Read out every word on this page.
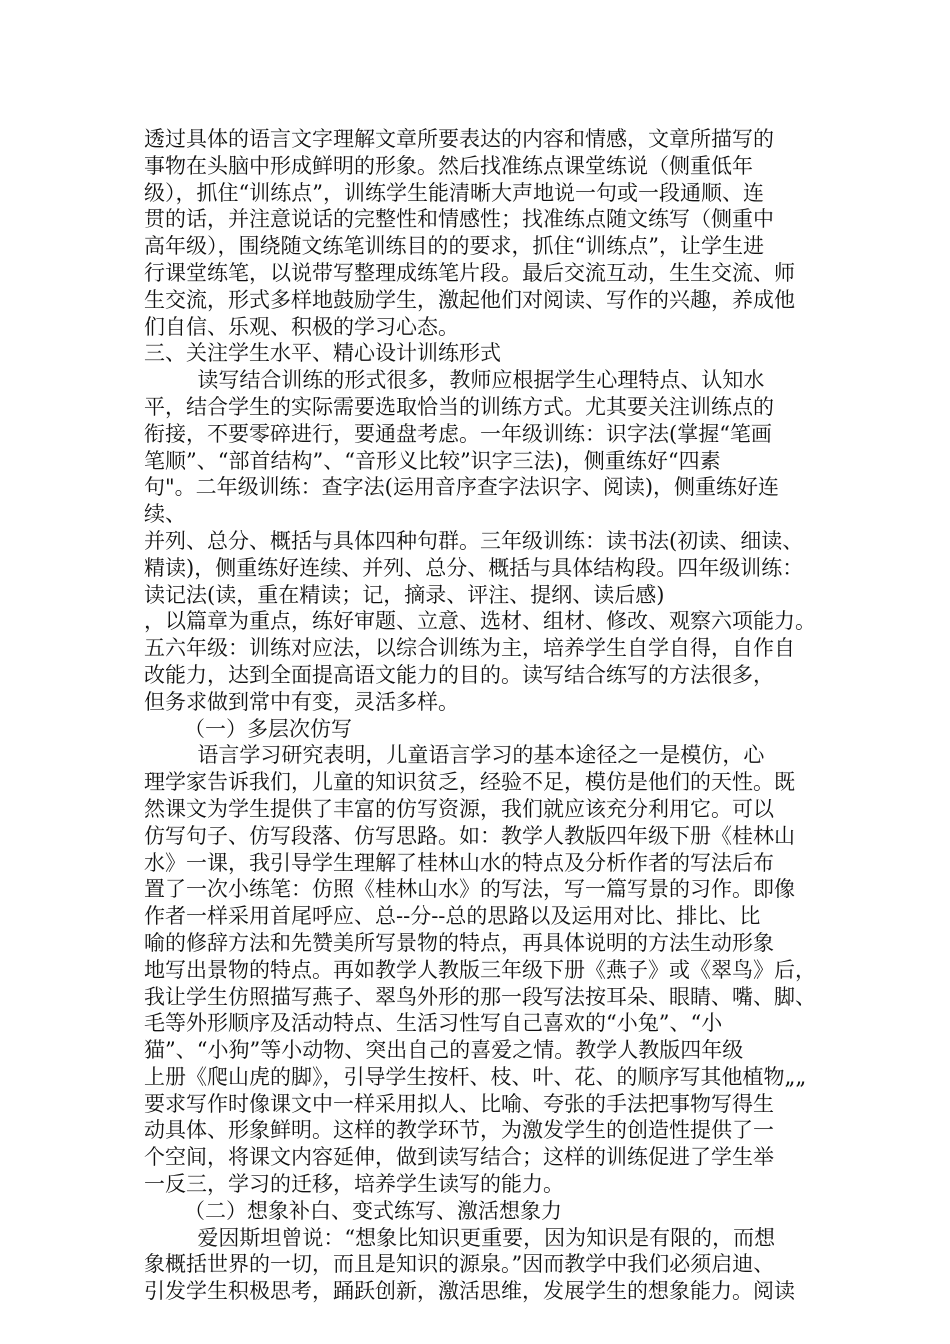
透过具体的语言文字理解文章所要表达的内容和情感，文章所描写的
事物在头脑中形成鲜明的形象。然后找准练点课堂练说（侧重低年
级），抓住“训练点”，训练学生能清晰大声地说一句或一段通顺、连
贯的话，并注意说话的完整性和情感性；找准练点随文练写（侧重中
高年级），围绕随文练笔训练目的的要求，抓住“训练点”，让学生进
行课堂练笔，以说带写整理成练笔片段。最后交流互动，生生交流、师
生交流，形式多样地鼓励学生，激起他们对阅读、写作的兴趣，养成他
们自信、乐观、积极的学习心态。
三、关注学生水平、精心设计训练形式
读写结合训练的形式很多，教师应根据学生心理特点、认知水
平，结合学生的实际需要选取恰当的训练方式。尤其要关注训练点的
衔接，不要零碎进行，要通盘考虑。一年级训练：识字法(掌握“笔画
笔顺”、“部首结构”、“音形义比较”识字三法)，侧重练好“四素
句"。二年级训练：查字法(运用音序查字法识字、阅读)，侧重练好连
续、
并列、总分、概括与具体四种句群。三年级训练：读书法(初读、细读、
精读)，侧重练好连续、并列、总分、概括与具体结构段。四年级训练：
读记法(读，重在精读；记，摘录、评注、提纲、读后感)
，以篇章为重点，练好审题、立意、选材、组材、修改、观察六项能力。
五六年级：训练对应法，以综合训练为主，培养学生自学自得，自作自
改能力，达到全面提高语文能力的目的。读写结合练写的方法很多，
但务求做到常中有变，灵活多样。
（一）多层次仿写
语言学习研究表明，儿童语言学习的基本途径之一是模仿，心
理学家告诉我们，儿童的知识贫乏，经验不足，模仿是他们的天性。既
然课文为学生提供了丰富的仿写资源，我们就应该充分利用它。可以
仿写句子、仿写段落、仿写思路。如：教学人教版四年级下册《桂林山
水》一课，我引导学生理解了桂林山水的特点及分析作者的写法后布
置了一次小练笔：仿照《桂林山水》的写法，写一篇写景的习作。即像
作者一样采用首尾呼应、总--分--总的思路以及运用对比、排比、比
喻的修辞方法和先赞美所写景物的特点，再具体说明的方法生动形象
地写出景物的特点。再如教学人教版三年级下册《燕子》或《翠鸟》后，
我让学生仿照描写燕子、翠鸟外形的那一段写法按耳朵、眼睛、嘴、脚、
毛等外形顺序及活动特点、生活习性写自己喜欢的“小兔”、“小
猫”、“小狗”等小动物、突出自己的喜爱之情。教学人教版四年级
上册《爬山虎的脚》，引导学生按杆、枝、叶、花、的顺序写其他植物„„
要求写作时像课文中一样采用拟人、比喻、夸张的手法把事物写得生
动具体、形象鲜明。这样的教学环节，为激发学生的创造性提供了一
个空间，将课文内容延伸，做到读写结合；这样的训练促进了学生举
一反三，学习的迁移，培养学生读写的能力。
（二）想象补白、变式练写、激活想象力
爱因斯坦曾说：“想象比知识更重要，因为知识是有限的，而想
象概括世界的一切，而且是知识的源泉。”因而教学中我们必须启迪、
引发学生积极思考，踊跃创新，激活思维，发展学生的想象能力。阅读
